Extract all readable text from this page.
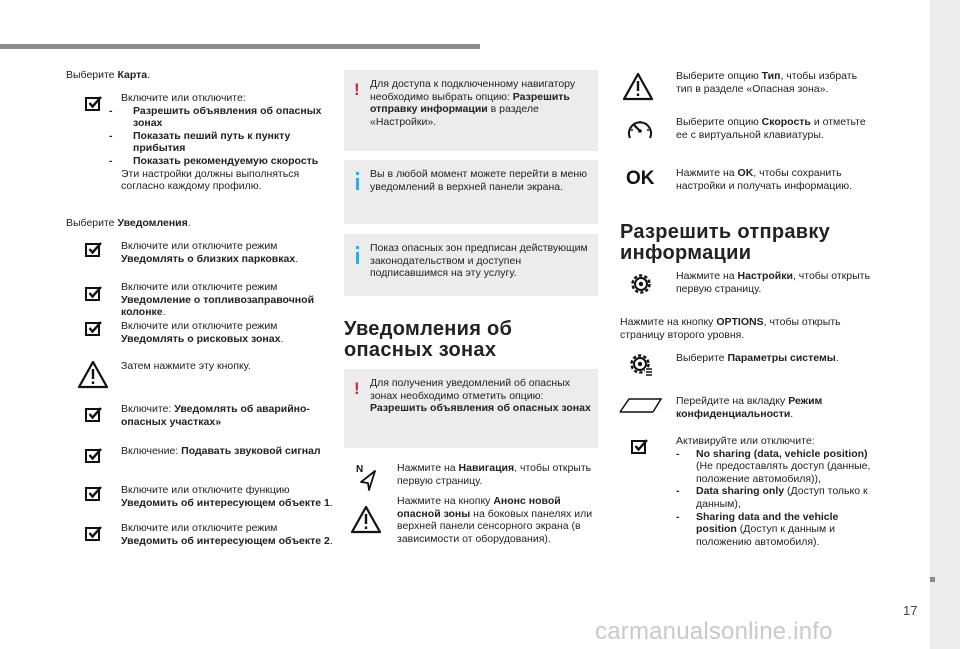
17
carmanualsonline.info
Выберите Карта.
Включите или отключите:
- Разрешить объявления об опасных зонах
- Показать пеший путь к пункту прибытия
- Показать рекомендуемую скорость
Эти настройки должны выполняться согласно каждому профилю.
Выберите Уведомления.
Включите или отключите режим
Уведомлять о близких парковках.
Включите или отключите режим
Уведомление о топливозаправочной колонке.
Включите или отключите режим
Уведомлять о рисковых зонах.
Затем нажмите эту кнопку.
Включите: Уведомлять об аварийно-опасных участках»
Включение: Подавать звуковой сигнал
Включите или отключите функцию
Уведомить об интересующем объекте 1.
Включите или отключите режим
Уведомить об интересующем объекте 2.
! Для доступа к подключенному навигатору необходимо выбрать опцию: Разрешить отправку информации в разделе «Настройки».
Вы в любой момент можете перейти в меню уведомлений в верхней панели экрана.
Показ опасных зон предписан действующим законодательством и доступен подписавшимся на эту услугу.
Уведомления об опасных зонах
! Для получения уведомлений об опасных зонах необходимо отметить опцию: Разрешить объявления об опасных зонах
N	Нажмите на Навигация, чтобы открыть первую страницу.
Нажмите на кнопку Анонс новой опасной зоны на боковых панелях или верхней панели сенсорного экрана (в зависимости от оборудования).
Выберите опцию Тип, чтобы избрать тип в разделе «Опасная зона».
Выберите опцию Скорость и отметьте ее с виртуальной клавиатуры.
OK Нажмите на OK, чтобы сохранить настройки и получать информацию.
Разрешить отправку информации
Нажмите на Настройки, чтобы открыть первую страницу.
Нажмите на кнопку OPTIONS, чтобы открыть страницу второго уровня.
Выберите Параметры системы.
Перейдите на вкладку Режим конфиденциальности.
Активируйте или отключите:
- No sharing (data, vehicle position) (Не предоставлять доступ (данные, положение автомобиля)),
- Data sharing only (Доступ только к данным),
- Sharing data and the vehicle position (Доступ к данным и положению автомобиля).
